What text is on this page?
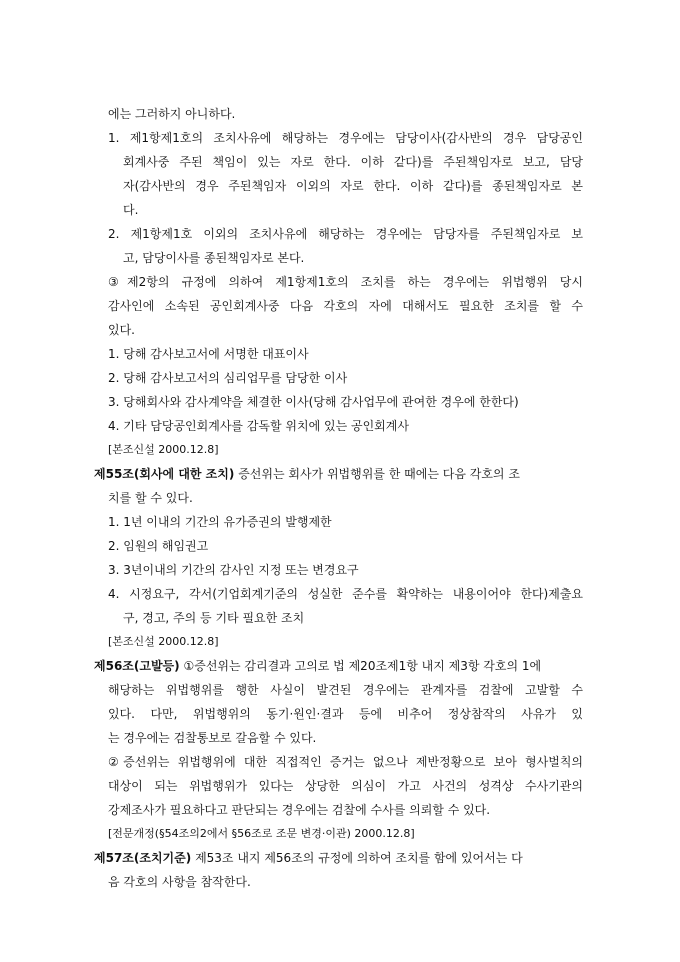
에는 그러하지 아니하다.
1. 제1항제1호의 조치사유에 해당하는 경우에는 담당이사(감사반의 경우 담당공인
회계사중 주된 책임이 있는 자로 한다. 이하 같다)를 주된책임자로 보고, 담당
자(감사반의 경우 주된책임자 이외의 자로 한다. 이하 같다)를 종된책임자로 본
다.
2. 제1항제1호 이외의 조치사유에 해당하는 경우에는 담당자를 주된책임자로 보
고, 담당이사를 종된책임자로 본다.
③제2항의 규정에 의하여 제1항제1호의 조치를 하는 경우에는 위법행위 당시
감사인에 소속된 공인회계사중 다음 각호의 자에 대해서도 필요한 조치를 할 수
있다.
1. 당해 감사보고서에 서명한 대표이사
2. 당해 감사보고서의 심리업무를 담당한 이사
3. 당해회사와 감사계약을 체결한 이사(당해 감사업무에 관여한 경우에 한한다)
4. 기타 담당공인회계사를 감독할 위치에 있는 공인회계사
[본조신설 2000.12.8]
제55조(회사에 대한 조치) 증선위는 회사가 위법행위를 한 때에는 다음 각호의 조
치를 할 수 있다.
1. 1년 이내의 기간의 유가증권의 발행제한
2. 임원의 해임권고
3. 3년이내의 기간의 감사인 지정 또는 변경요구
4. 시정요구, 각서(기업회계기준의 성실한 준수를 확약하는 내용이어야 한다)제출요
구, 경고, 주의 등 기타 필요한 조치
[본조신설 2000.12.8]
제56조(고발등) ①증선위는 감리결과 고의로 법 제20조제1항 내지 제3항 각호의 1에
해당하는 위법행위를 행한 사실이 발견된 경우에는 관계자를 검찰에 고발할 수
있다. 다만, 위법행위의 동기·원인·결과 등에 비추어 정상참작의 사유가 있
는 경우에는 검찰통보로 갈음할 수 있다.
②증선위는 위법행위에 대한 직접적인 증거는 없으나 제반정황으로 보아 형사벌칙의
대상이 되는 위법행위가 있다는 상당한 의심이 가고 사건의 성격상 수사기관의
강제조사가 필요하다고 판단되는 경우에는 검찰에 수사를 의뢰할 수 있다.
[전문개정(§54조의2에서 §56조로 조문 변경·이관) 2000.12.8]
제57조(조치기준) 제53조 내지 제56조의 규정에 의하여 조치를 함에 있어서는 다
음 각호의 사항을 참작한다.
